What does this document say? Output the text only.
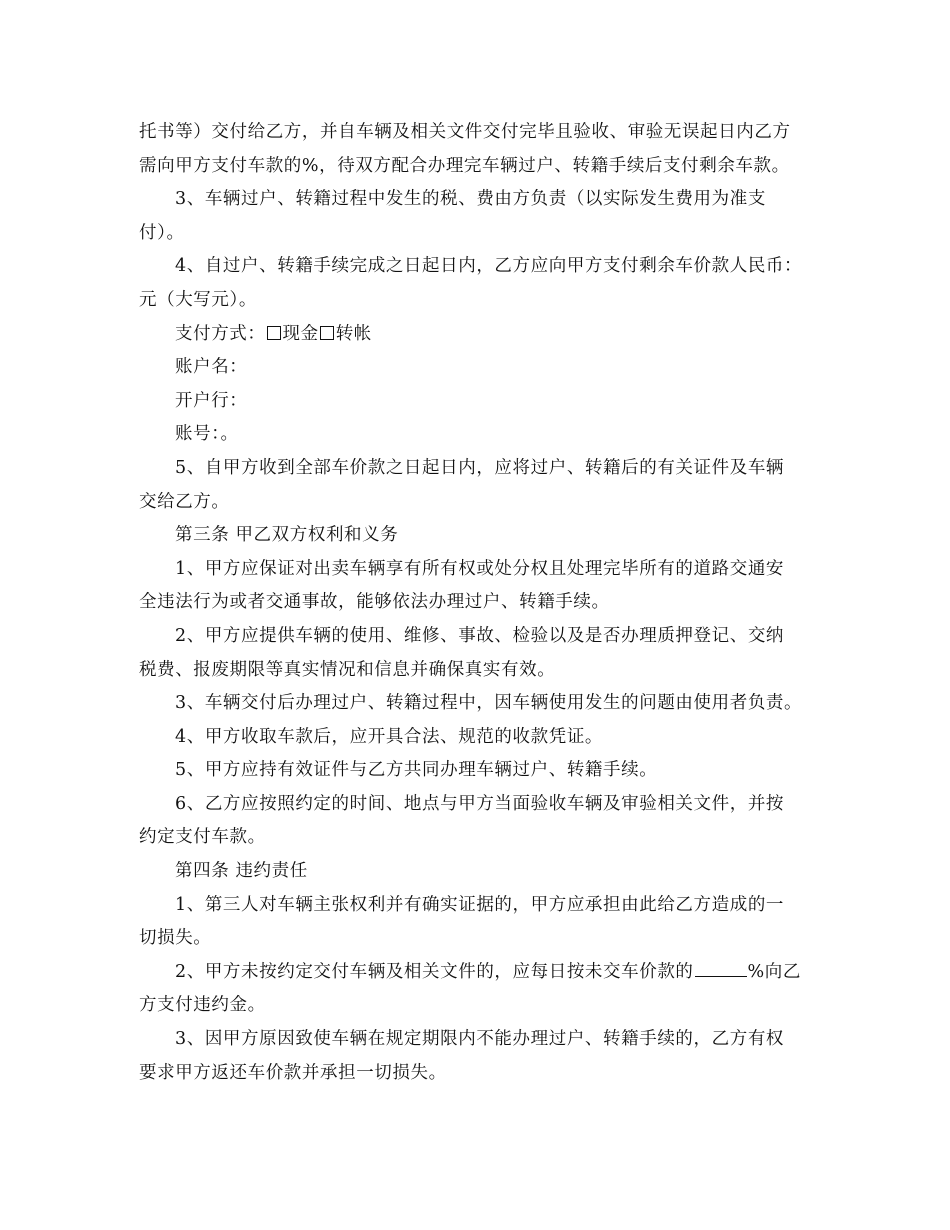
托书等）交付给乙方，并自车辆及相关文件交付完毕且验收、审验无误起日内乙方
需向甲方支付车款的%，待双方配合办理完车辆过户、转籍手续后支付剩余车款。
3、车辆过户、转籍过程中发生的税、费由方负责（以实际发生费用为准支
付）。
4、自过户、转籍手续完成之日起日内，乙方应向甲方支付剩余车价款人民币：
元（大写元）。
支付方式： 现金 转帐
账户名：
开户行：
账号：。
5、自甲方收到全部车价款之日起日内，应将过户、转籍后的有关证件及车辆
交给乙方。
第三条 甲乙双方权利和义务
1、甲方应保证对出卖车辆享有所有权或处分权且处理完毕所有的道路交通安
全违法行为或者交通事故，能够依法办理过户、转籍手续。
2、甲方应提供车辆的使用、维修、事故、检验以及是否办理质押登记、交纳
税费、报废期限等真实情况和信息并确保真实有效。
3、车辆交付后办理过户、转籍过程中，因车辆使用发生的问题由使用者负责。
4、甲方收取车款后，应开具合法、规范的收款凭证。
5、甲方应持有效证件与乙方共同办理车辆过户、转籍手续。
6、乙方应按照约定的时间、地点与甲方当面验收车辆及审验相关文件，并按
约定支付车款。
第四条 违约责任
1、第三人对车辆主张权利并有确实证据的，甲方应承担由此给乙方造成的一
切损失。
2、甲方未按约定交付车辆及相关文件的，应每日按未交车价款的	%向乙
方支付违约金。
3、因甲方原因致使车辆在规定期限内不能办理过户、转籍手续的，乙方有权
要求甲方返还车价款并承担一切损失。
